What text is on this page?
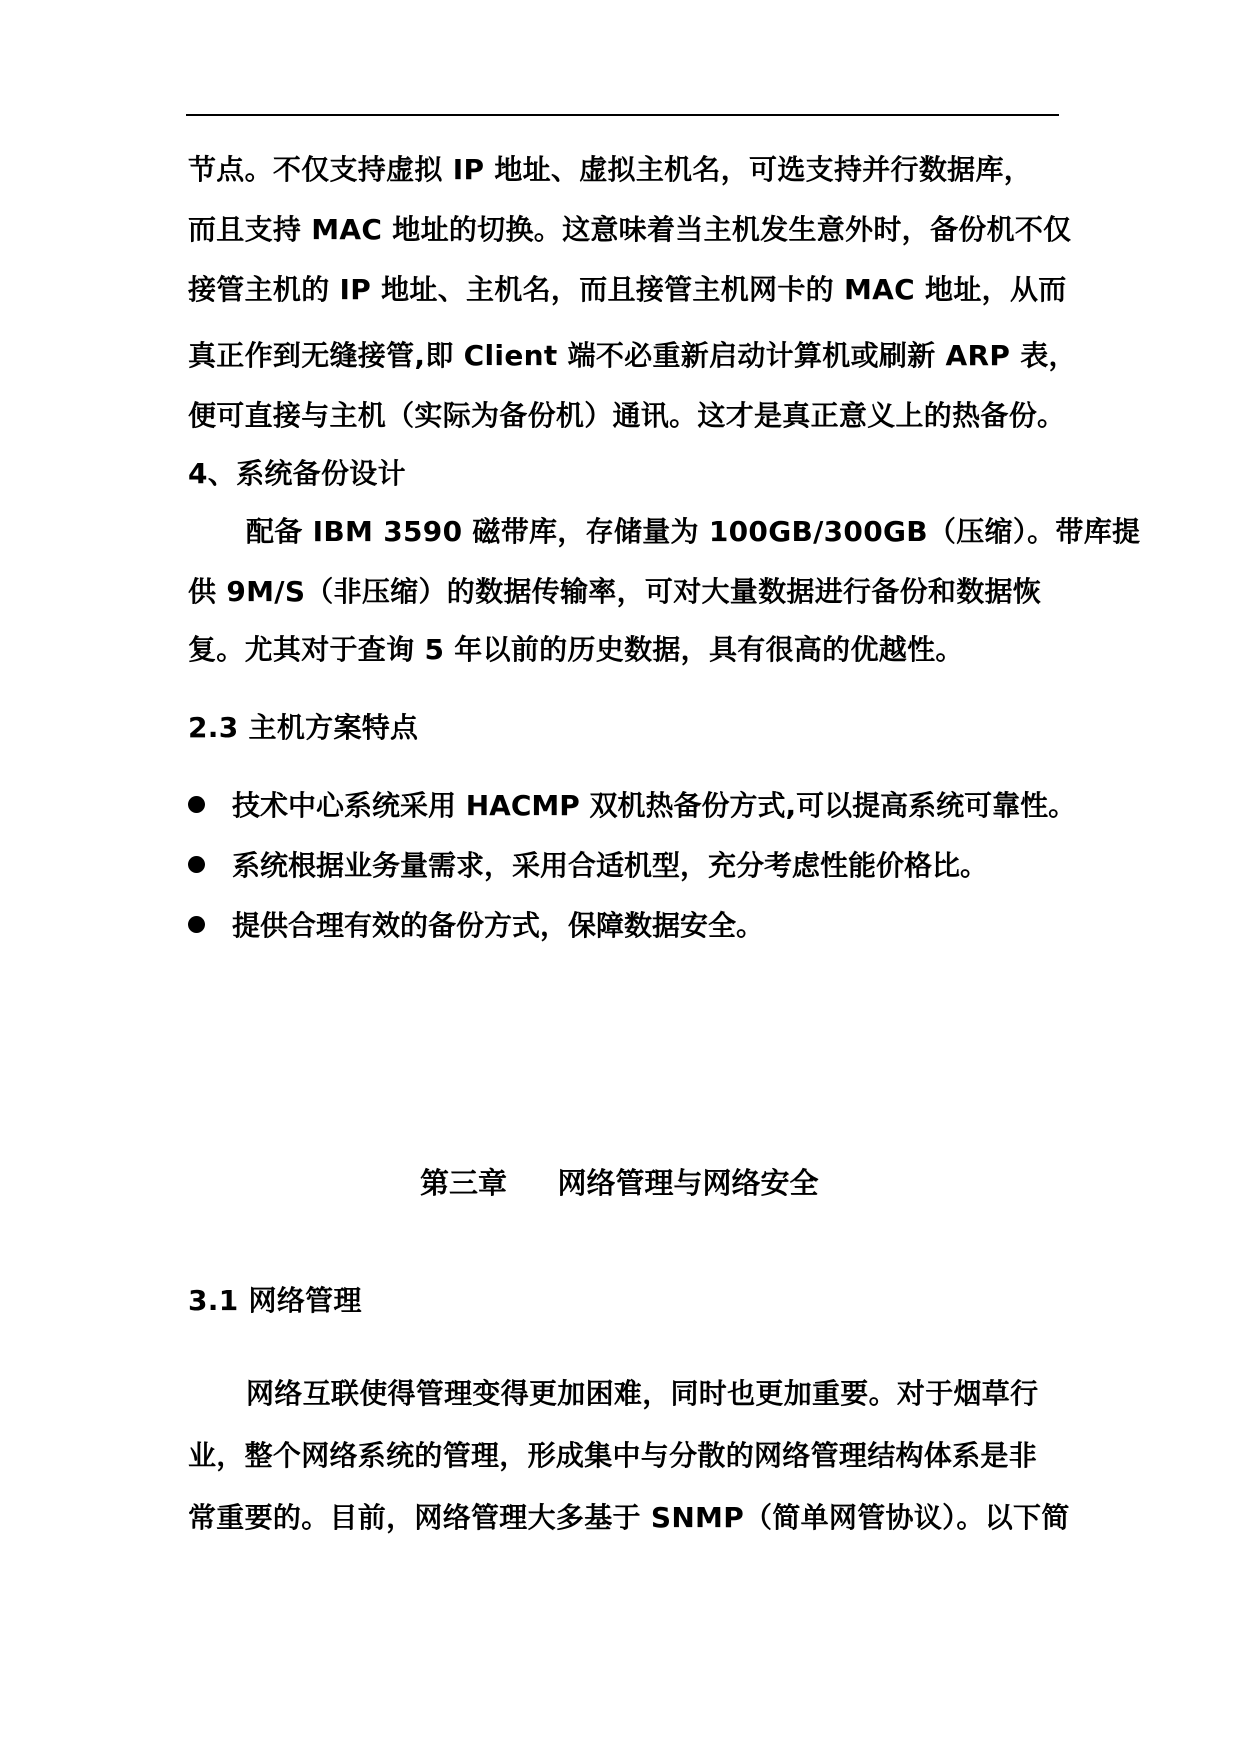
节点。不仅支持虚拟 IP 地址、虚拟主机名，可选支持并行数据库，
而且支持 MAC 地址的切换。这意味着当主机发生意外时，备份机不仅
接管主机的 IP 地址、主机名，而且接管主机网卡的 MAC 地址，从而
真正作到无缝接管,即 Client 端不必重新启动计算机或刷新 ARP 表，
便可直接与主机（实际为备份机）通讯。这才是真正意义上的热备份。
4、系统备份设计
配备 IBM 3590 磁带库，存储量为 100GB/300GB（压缩）。带库提
供 9M/S（非压缩）的数据传输率，可对大量数据进行备份和数据恢
复。尤其对于查询 5 年以前的历史数据，具有很高的优越性。
2.3 主机方案特点
技术中心系统采用 HACMP 双机热备份方式,可以提高系统可靠性。
系统根据业务量需求，采用合适机型，充分考虑性能价格比。
提供合理有效的备份方式，保障数据安全。
第三章     网络管理与网络安全
3.1 网络管理
网络互联使得管理变得更加困难，同时也更加重要。对于烟草行
业，整个网络系统的管理，形成集中与分散的网络管理结构体系是非
常重要的。目前，网络管理大多基于 SNMP（简单网管协议）。以下简
